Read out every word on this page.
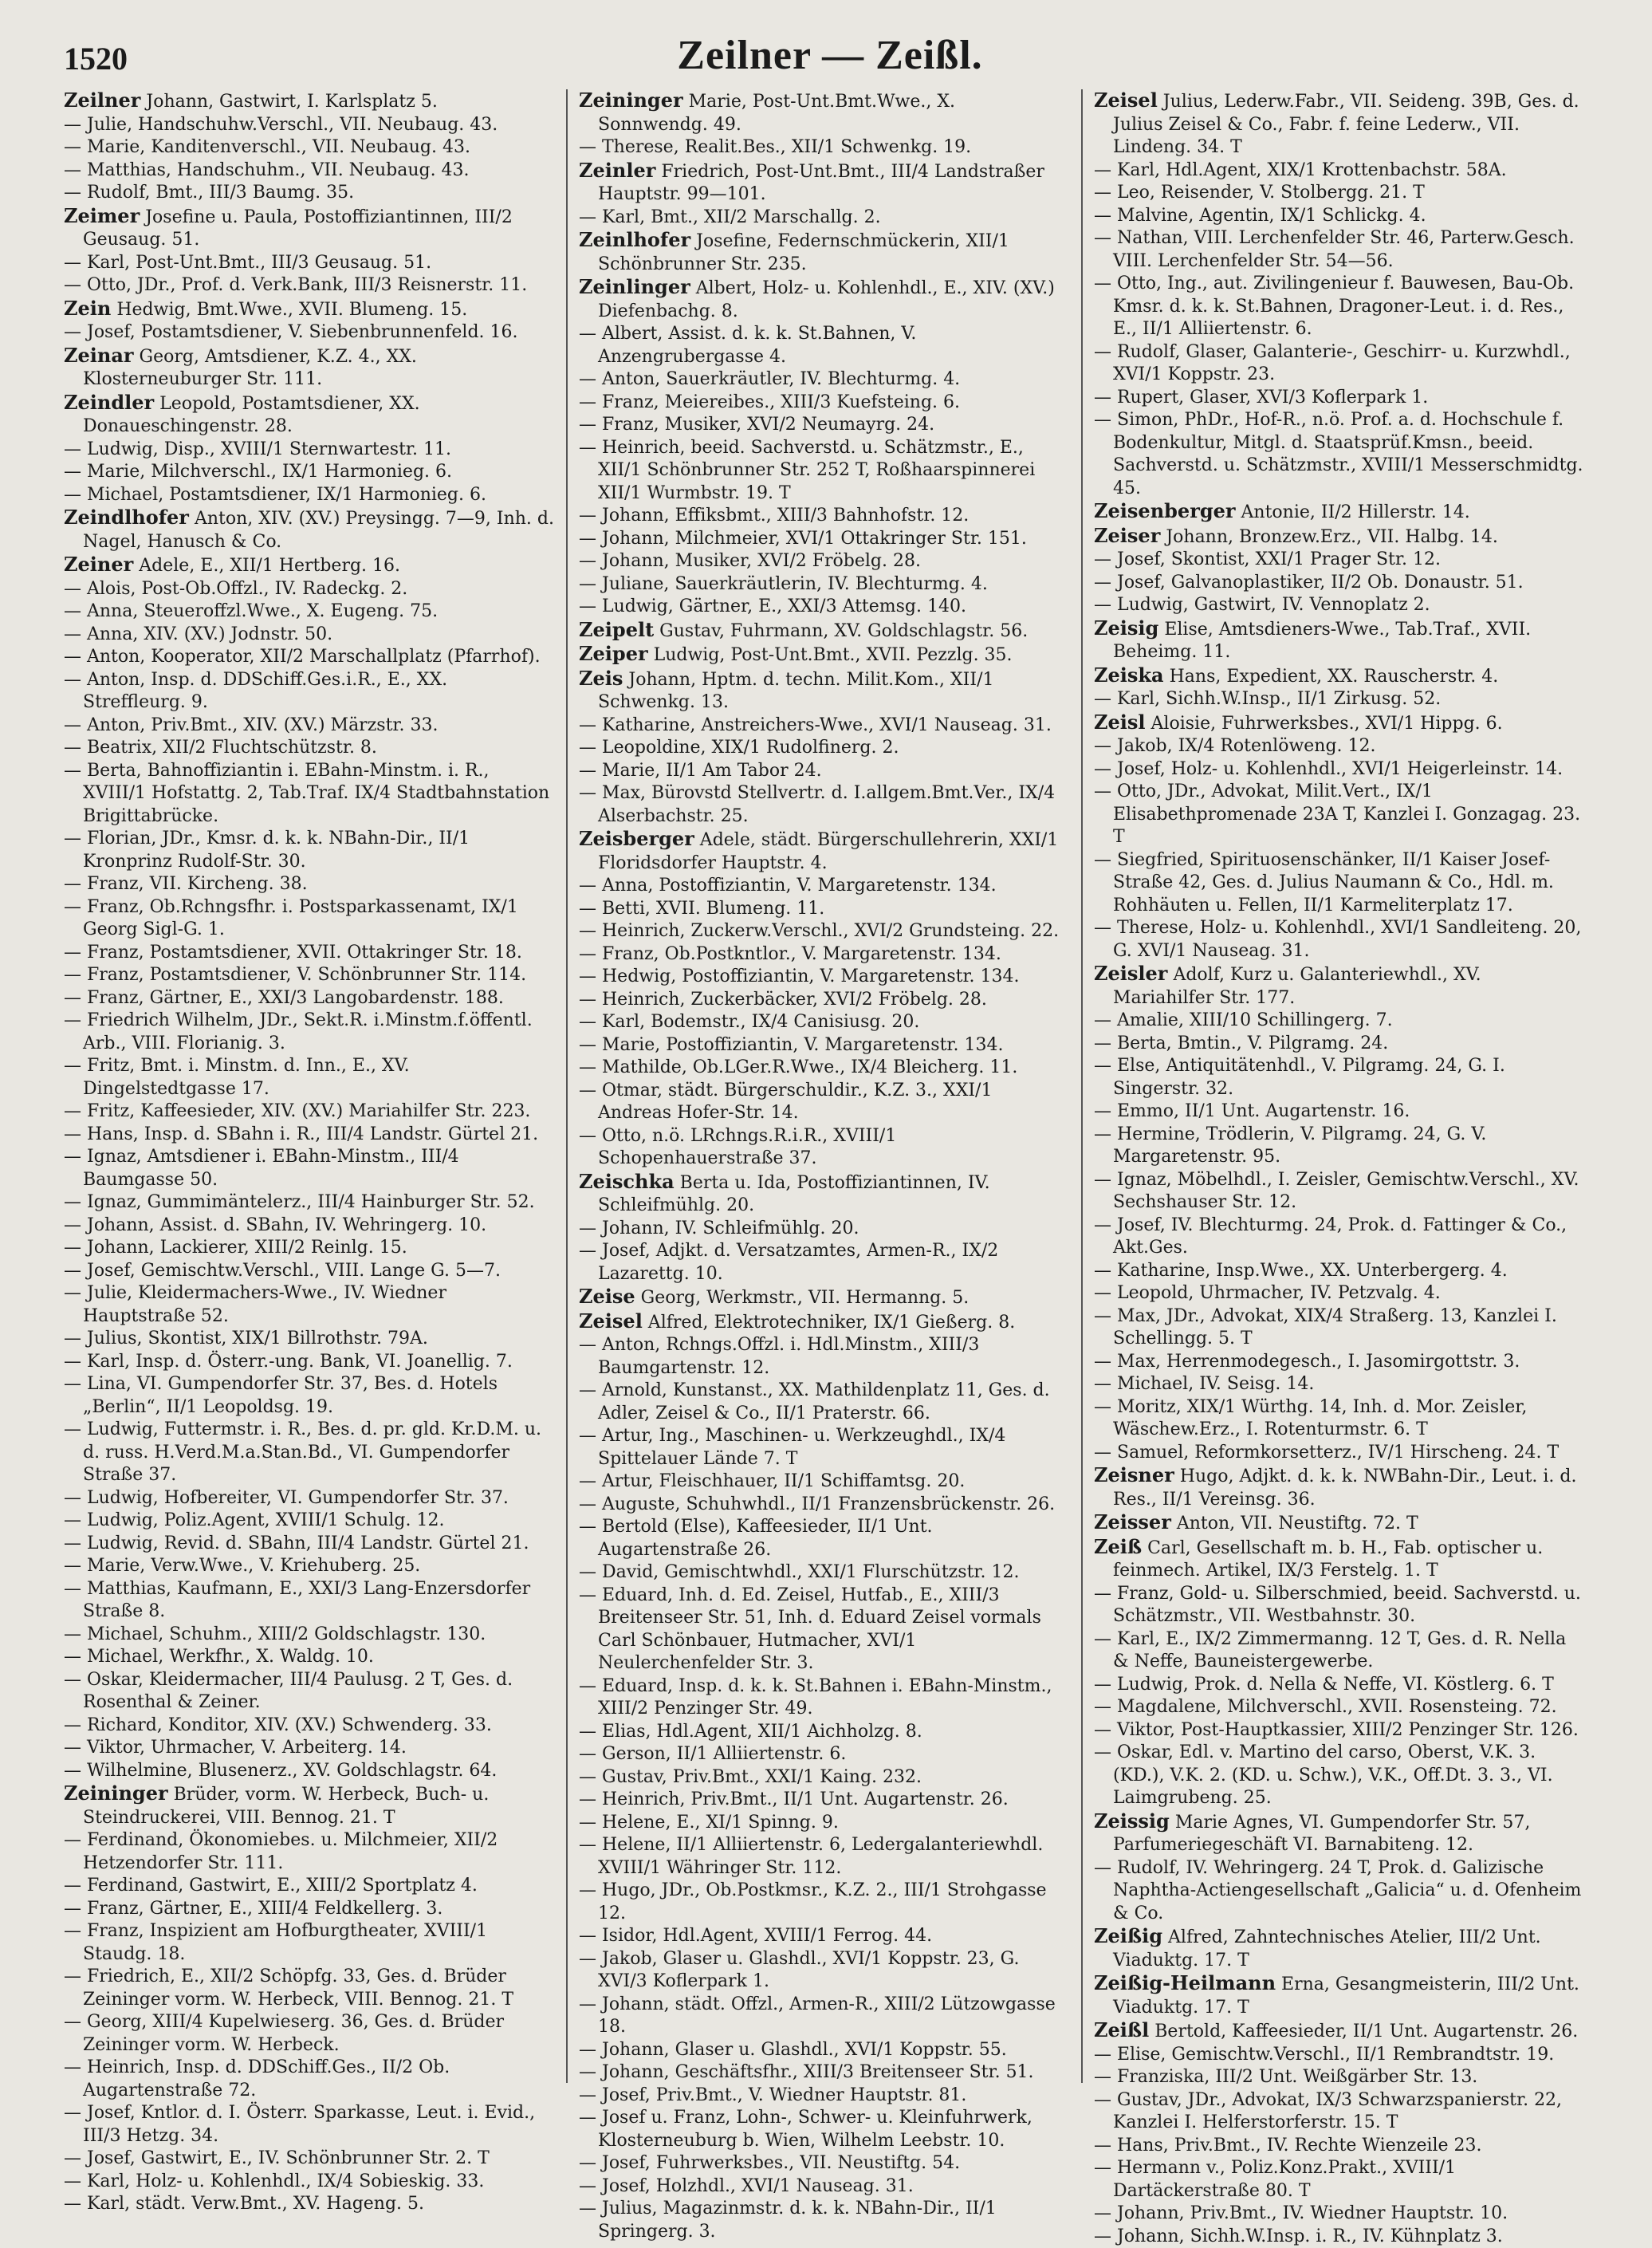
1520	Zeilner — Zeißl.

Zeilner Johann, Gastwirt, I. Karlsplatz 5.

— Julie, Handschuhw.Verschl., VII. Neubaug. 43.

— Marie, Kanditenverschl., VII. Neubaug. 43.

— Matthias, Handschuhm., VII. Neubaug. 43.

— Rudolf, Bmt., III/3 Baumg. 35.

Zeimer Josefine u. Paula, Postoffiziantinnen, III/2 Geusaug. 51.

— Karl, Post-Unt.Bmt., III/3 Geusaug. 51.

— Otto, JDr., Prof. d. Verk.Bank, III/3 Reisnerstr. 11.

Zein Hedwig, Bmt.Wwe., XVII. Blumeng. 15.

— Josef, Postamtsdiener, V. Siebenbrunnenfeld. 16.

Zeinar Georg, Amtsdiener, K.Z. 4., XX. Klosterneuburger Str. 111.

Zeindler Leopold, Postamtsdiener, XX. Donaueschingenstr. 28.

— Ludwig, Disp., XVIII/1 Sternwartestr. 11.

— Marie, Milchverschl., IX/1 Harmonieg. 6.

— Michael, Postamtsdiener, IX/1 Harmonieg. 6.

Zeindlhofer Anton, XIV. (XV.) Preysingg. 7—9, Inh. d. Nagel, Hanusch & Co.

Zeiner Adele, E., XII/1 Hertberg. 16.

— Alois, Post-Ob.Offzl., IV. Radeckg. 2.

— Anna, Steueroffzl.Wwe., X. Eugeng. 75.

— Anna, XIV. (XV.) Jodnstr. 50.

— Anton, Kooperator, XII/2 Marschallplatz (Pfarrhof).

— Anton, Insp. d. DDSchiff.Ges.i.R., E., XX. Streffleurg. 9.

— Anton, Priv.Bmt., XIV. (XV.) Märzstr. 33.

— Beatrix, XII/2 Fluchtschützstr. 8.

— Berta, Bahnoffiziantin i. EBahn-Minstm. i. R., XVIII/1 Hofstattg. 2, Tab.Traf. IX/4 Stadtbahnstation Brigittabrücke.

— Florian, JDr., Kmsr. d. k. k. NBahn-Dir., II/1 Kronprinz Rudolf-Str. 30.

— Franz, VII. Kircheng. 38.

— Franz, Ob.Rchngsfhr. i. Postsparkassenamt, IX/1 Georg Sigl-G. 1.

— Franz, Postamtsdiener, XVII. Ottakringer Str. 18.

— Franz, Postamtsdiener, V. Schönbrunner Str. 114.

— Franz, Gärtner, E., XXI/3 Langobardenstr. 188.

— Friedrich Wilhelm, JDr., Sekt.R. i.Minstm.f.öffentl. Arb., VIII. Florianig. 3.

— Fritz, Bmt. i. Minstm. d. Inn., E., XV. Dingelstedtgasse 17.

— Fritz, Kaffeesieder, XIV. (XV.) Mariahilfer Str. 223.

— Hans, Insp. d. SBahn i. R., III/4 Landstr. Gürtel 21.

— Ignaz, Amtsdiener i. EBahn-Minstm., III/4 Baumgasse 50.

— Ignaz, Gummimäntelerz., III/4 Hainburger Str. 52.

— Johann, Assist. d. SBahn, IV. Wehringerg. 10.

— Johann, Lackierer, XIII/2 Reinlg. 15.

— Josef, Gemischtw.Verschl., VIII. Lange G. 5—7.

— Julie, Kleidermachers-Wwe., IV. Wiedner Hauptstraße 52.

— Julius, Skontist, XIX/1 Billrothstr. 79A.

— Karl, Insp. d. Österr.-ung. Bank, VI. Joanellig. 7.

— Lina, VI. Gumpendorfer Str. 37, Bes. d. Hotels „Berlin“, II/1 Leopoldsg. 19.

— Ludwig, Futtermstr. i. R., Bes. d. pr. gld. Kr.D.M. u. d. russ. H.Verd.M.a.Stan.Bd., VI. Gumpendorfer Straße 37.

— Ludwig, Hofbereiter, VI. Gumpendorfer Str. 37.

— Ludwig, Poliz.Agent, XVIII/1 Schulg. 12.

— Ludwig, Revid. d. SBahn, III/4 Landstr. Gürtel 21.

— Marie, Verw.Wwe., V. Kriehuberg. 25.

— Matthias, Kaufmann, E., XXI/3 Lang-Enzersdorfer Straße 8.

— Michael, Schuhm., XIII/2 Goldschlagstr. 130.

— Michael, Werkfhr., X. Waldg. 10.

— Oskar, Kleidermacher, III/4 Paulusg. 2 T, Ges. d. Rosenthal & Zeiner.

— Richard, Konditor, XIV. (XV.) Schwenderg. 33.

— Viktor, Uhrmacher, V. Arbeiterg. 14.

— Wilhelmine, Blusenerz., XV. Goldschlagstr. 64.

Zeininger Brüder, vorm. W. Herbeck, Buch- u. Steindruckerei, VIII. Bennog. 21. T

— Ferdinand, Ökonomiebes. u. Milchmeier, XII/2 Hetzendorfer Str. 111.

— Ferdinand, Gastwirt, E., XIII/2 Sportplatz 4.

— Franz, Gärtner, E., XIII/4 Feldkellerg. 3.

— Franz, Inspizient am Hofburgtheater, XVIII/1 Staudg. 18.

— Friedrich, E., XII/2 Schöpfg. 33, Ges. d. Brüder Zeininger vorm. W. Herbeck, VIII. Bennog. 21. T

— Georg, XIII/4 Kupelwieserg. 36, Ges. d. Brüder Zeininger vorm. W. Herbeck.

— Heinrich, Insp. d. DDSchiff.Ges., II/2 Ob. Augartenstraße 72.

— Josef, Kntlor. d. I. Österr. Sparkasse, Leut. i. Evid., III/3 Hetzg. 34.

— Josef, Gastwirt, E., IV. Schönbrunner Str. 2. T

— Karl, Holz- u. Kohlenhdl., IX/4 Sobieskig. 33.

— Karl, städt. Verw.Bmt., XV. Hageng. 5.

Zeininger Marie, Post-Unt.Bmt.Wwe., X. Sonnwendg. 49.

— Therese, Realit.Bes., XII/1 Schwenkg. 19.

Zeinler Friedrich, Post-Unt.Bmt., III/4 Landstraßer Hauptstr. 99—101.

— Karl, Bmt., XII/2 Marschallg. 2.

Zeinlhofer Josefine, Federnschmückerin, XII/1 Schönbrunner Str. 235.

Zeinlinger Albert, Holz- u. Kohlenhdl., E., XIV. (XV.) Diefenbachg. 8.

— Albert, Assist. d. k. k. St.Bahnen, V. Anzengrubergasse 4.

— Anton, Sauerkräutler, IV. Blechturmg. 4.

— Franz, Meiereibes., XIII/3 Kuefsteing. 6.

— Franz, Musiker, XVI/2 Neumayrg. 24.

— Heinrich, beeid. Sachverstd. u. Schätzmstr., E., XII/1 Schönbrunner Str. 252 T, Roßhaarspinnerei XII/1 Wurmbstr. 19. T

— Johann, Effiksbmt., XIII/3 Bahnhofstr. 12.

— Johann, Milchmeier, XVI/1 Ottakringer Str. 151.

— Johann, Musiker, XVI/2 Fröbelg. 28.

— Juliane, Sauerkräutlerin, IV. Blechturmg. 4.

— Ludwig, Gärtner, E., XXI/3 Attemsg. 140.

Zeipelt Gustav, Fuhrmann, XV. Goldschlagstr. 56.

Zeiper Ludwig, Post-Unt.Bmt., XVII. Pezzlg. 35.

Zeis Johann, Hptm. d. techn. Milit.Kom., XII/1 Schwenkg. 13.

— Katharine, Anstreichers-Wwe., XVI/1 Nauseag. 31.

— Leopoldine, XIX/1 Rudolfinerg. 2.

— Marie, II/1 Am Tabor 24.

— Max, Bürovstd Stellvertr. d. I.allgem.Bmt.Ver., IX/4 Alserbachstr. 25.

Zeisberger Adele, städt. Bürgerschullehrerin, XXI/1 Floridsdorfer Hauptstr. 4.

— Anna, Postoffiziantin, V. Margaretenstr. 134.

— Betti, XVII. Blumeng. 11.

— Heinrich, Zuckerw.Verschl., XVI/2 Grundsteing. 22.

— Franz, Ob.Postkntlor., V. Margaretenstr. 134.

— Hedwig, Postoffiziantin, V. Margaretenstr. 134.

— Heinrich, Zuckerbäcker, XVI/2 Fröbelg. 28.

— Karl, Bodemstr., IX/4 Canisiusg. 20.

— Marie, Postoffiziantin, V. Margaretenstr. 134.

— Mathilde, Ob.LGer.R.Wwe., IX/4 Bleicherg. 11.

— Otmar, städt. Bürgerschuldir., K.Z. 3., XXI/1 Andreas Hofer-Str. 14.

— Otto, n.ö. LRchngs.R.i.R., XVIII/1 Schopenhauerstraße 37.

Zeischka Berta u. Ida, Postoffiziantinnen, IV. Schleifmühlg. 20.

— Johann, IV. Schleifmühlg. 20.

— Josef, Adjkt. d. Versatzamtes, Armen-R., IX/2 Lazarettg. 10.

Zeise Georg, Werkmstr., VII. Hermanng. 5.

Zeisel Alfred, Elektrotechniker, IX/1 Gießerg. 8.

— Anton, Rchngs.Offzl. i. Hdl.Minstm., XIII/3 Baumgartenstr. 12.

— Arnold, Kunstanst., XX. Mathildenplatz 11, Ges. d. Adler, Zeisel & Co., II/1 Praterstr. 66.

— Artur, Ing., Maschinen- u. Werkzeughdl., IX/4 Spittelauer Lände 7. T

— Artur, Fleischhauer, II/1 Schiffamtsg. 20.

— Auguste, Schuhwhdl., II/1 Franzensbrückenstr. 26.

— Bertold (Else), Kaffeesieder, II/1 Unt. Augartenstraße 26.

— David, Gemischtwhdl., XXI/1 Flurschützstr. 12.

— Eduard, Inh. d. Ed. Zeisel, Hutfab., E., XIII/3 Breitenseer Str. 51, Inh. d. Eduard Zeisel vormals Carl Schönbauer, Hutmacher, XVI/1 Neulerchenfelder Str. 3.

— Eduard, Insp. d. k. k. St.Bahnen i. EBahn-Minstm., XIII/2 Penzinger Str. 49.

— Elias, Hdl.Agent, XII/1 Aichholzg. 8.

— Gerson, II/1 Alliiertenstr. 6.

— Gustav, Priv.Bmt., XXI/1 Kaing. 232.

— Heinrich, Priv.Bmt., II/1 Unt. Augartenstr. 26.

— Helene, E., XI/1 Spinng. 9.

— Helene, II/1 Alliiertenstr. 6, Ledergalanteriewhdl. XVIII/1 Währinger Str. 112.

— Hugo, JDr., Ob.Postkmsr., K.Z. 2., III/1 Strohgasse 12.

— Isidor, Hdl.Agent, XVIII/1 Ferrog. 44.

— Jakob, Glaser u. Glashdl., XVI/1 Koppstr. 23, G. XVI/3 Koflerpark 1.

— Johann, städt. Offzl., Armen-R., XIII/2 Lützowgasse 18.

— Johann, Glaser u. Glashdl., XVI/1 Koppstr. 55.

— Johann, Geschäftsfhr., XIII/3 Breitenseer Str. 51.

— Josef, Priv.Bmt., V. Wiedner Hauptstr. 81.

— Josef u. Franz, Lohn-, Schwer- u. Kleinfuhrwerk, Klosterneuburg b. Wien, Wilhelm Leebstr. 10.

— Josef, Fuhrwerksbes., VII. Neustiftg. 54.

— Josef, Holzhdl., XVI/1 Nauseag. 31.

— Julius, Magazinmstr. d. k. k. NBahn-Dir., II/1 Springerg. 3.

Zeisel Julius, Lederw.Fabr., VII. Seideng. 39B, Ges. d. Julius Zeisel & Co., Fabr. f. feine Lederw., VII. Lindeng. 34. T

— Karl, Hdl.Agent, XIX/1 Krottenbachstr. 58A.

— Leo, Reisender, V. Stolbergg. 21. T

— Malvine, Agentin, IX/1 Schlickg. 4.

— Nathan, VIII. Lerchenfelder Str. 46, Parterw.Gesch. VIII. Lerchenfelder Str. 54—56.

— Otto, Ing., aut. Zivilingenieur f. Bauwesen, Bau-Ob. Kmsr. d. k. k. St.Bahnen, Dragoner-Leut. i. d. Res., E., II/1 Alliiertenstr. 6.

— Rudolf, Glaser, Galanterie-, Geschirr- u. Kurzwhdl., XVI/1 Koppstr. 23.

— Rupert, Glaser, XVI/3 Koflerpark 1.

— Simon, PhDr., Hof-R., n.ö. Prof. a. d. Hochschule f. Bodenkultur, Mitgl. d. Staatsprüf.Kmsn., beeid. Sachverstd. u. Schätzmstr., XVIII/1 Messerschmidtg. 45.

Zeisenberger Antonie, II/2 Hillerstr. 14.

Zeiser Johann, Bronzew.Erz., VII. Halbg. 14.

— Josef, Skontist, XXI/1 Prager Str. 12.

— Josef, Galvanoplastiker, II/2 Ob. Donaustr. 51.

— Ludwig, Gastwirt, IV. Vennoplatz 2.

Zeisig Elise, Amtsdieners-Wwe., Tab.Traf., XVII. Beheimg. 11.

Zeiska Hans, Expedient, XX. Rauscherstr. 4.

— Karl, Sichh.W.Insp., II/1 Zirkusg. 52.

Zeisl Aloisie, Fuhrwerksbes., XVI/1 Hippg. 6.

— Jakob, IX/4 Rotenlöweng. 12.

— Josef, Holz- u. Kohlenhdl., XVI/1 Heigerleinstr. 14.

— Otto, JDr., Advokat, Milit.Vert., IX/1 Elisabethpromenade 23A T, Kanzlei I. Gonzagag. 23. T

— Siegfried, Spirituosenschänker, II/1 Kaiser Josef-Straße 42, Ges. d. Julius Naumann & Co., Hdl. m. Rohhäuten u. Fellen, II/1 Karmeliterplatz 17.

— Therese, Holz- u. Kohlenhdl., XVI/1 Sandleiteng. 20, G. XVI/1 Nauseag. 31.

Zeisler Adolf, Kurz u. Galanteriewhdl., XV. Mariahilfer Str. 177.

— Amalie, XIII/10 Schillingerg. 7.

— Berta, Bmtin., V. Pilgramg. 24.

— Else, Antiquitätenhdl., V. Pilgramg. 24, G. I. Singerstr. 32.

— Emmo, II/1 Unt. Augartenstr. 16.

— Hermine, Trödlerin, V. Pilgramg. 24, G. V. Margaretenstr. 95.

— Ignaz, Möbelhdl., I. Zeisler, Gemischtw.Verschl., XV. Sechshauser Str. 12.

— Josef, IV. Blechturmg. 24, Prok. d. Fattinger & Co., Akt.Ges.

— Katharine, Insp.Wwe., XX. Unterbergerg. 4.

— Leopold, Uhrmacher, IV. Petzvalg. 4.

— Max, JDr., Advokat, XIX/4 Straßerg. 13, Kanzlei I. Schellingg. 5. T

— Max, Herrenmodegesch., I. Jasomirgottstr. 3.

— Michael, IV. Seisg. 14.

— Moritz, XIX/1 Würthg. 14, Inh. d. Mor. Zeisler, Wäschew.Erz., I. Rotenturmstr. 6. T

— Samuel, Reformkorsetterz., IV/1 Hirscheng. 24. T

Zeisner Hugo, Adjkt. d. k. k. NWBahn-Dir., Leut. i. d. Res., II/1 Vereinsg. 36.

Zeisser Anton, VII. Neustiftg. 72. T

Zeiß Carl, Gesellschaft m. b. H., Fab. optischer u. feinmech. Artikel, IX/3 Ferstelg. 1. T

— Franz, Gold- u. Silberschmied, beeid. Sachverstd. u. Schätzmstr., VII. Westbahnstr. 30.

— Karl, E., IX/2 Zimmermanng. 12 T, Ges. d. R. Nella & Neffe, Bauneistergewerbe.

— Ludwig, Prok. d. Nella & Neffe, VI. Köstlerg. 6. T

— Magdalene, Milchverschl., XVII. Rosensteing. 72.

— Viktor, Post-Hauptkassier, XIII/2 Penzinger Str. 126.

— Oskar, Edl. v. Martino del carso, Oberst, V.K. 3. (KD.), V.K. 2. (KD. u. Schw.), V.K., Off.Dt. 3. 3., VI. Laimgrubeng. 25.

Zeissig Marie Agnes, VI. Gumpendorfer Str. 57, Parfumeriegeschäft VI. Barnabiteng. 12.

— Rudolf, IV. Wehringerg. 24 T, Prok. d. Galizische Naphtha-Actiengesellschaft „Galicia“ u. d. Ofenheim & Co.

Zeißig Alfred, Zahntechnisches Atelier, III/2 Unt. Viaduktg. 17. T

Zeißig-Heilmann Erna, Gesangmeisterin, III/2 Unt. Viaduktg. 17. T

Zeißl Bertold, Kaffeesieder, II/1 Unt. Augartenstr. 26.

— Elise, Gemischtw.Verschl., II/1 Rembrandtstr. 19.

— Franziska, III/2 Unt. Weißgärber Str. 13.

— Gustav, JDr., Advokat, IX/3 Schwarzspanierstr. 22, Kanzlei I. Helferstorferstr. 15. T

— Hans, Priv.Bmt., IV. Rechte Wienzeile 23.

— Hermann v., Poliz.Konz.Prakt., XVIII/1 Dartäckerstraße 80. T

— Johann, Priv.Bmt., IV. Wiedner Hauptstr. 10.

— Johann, Sichh.W.Insp. i. R., IV. Kühnplatz 3.
